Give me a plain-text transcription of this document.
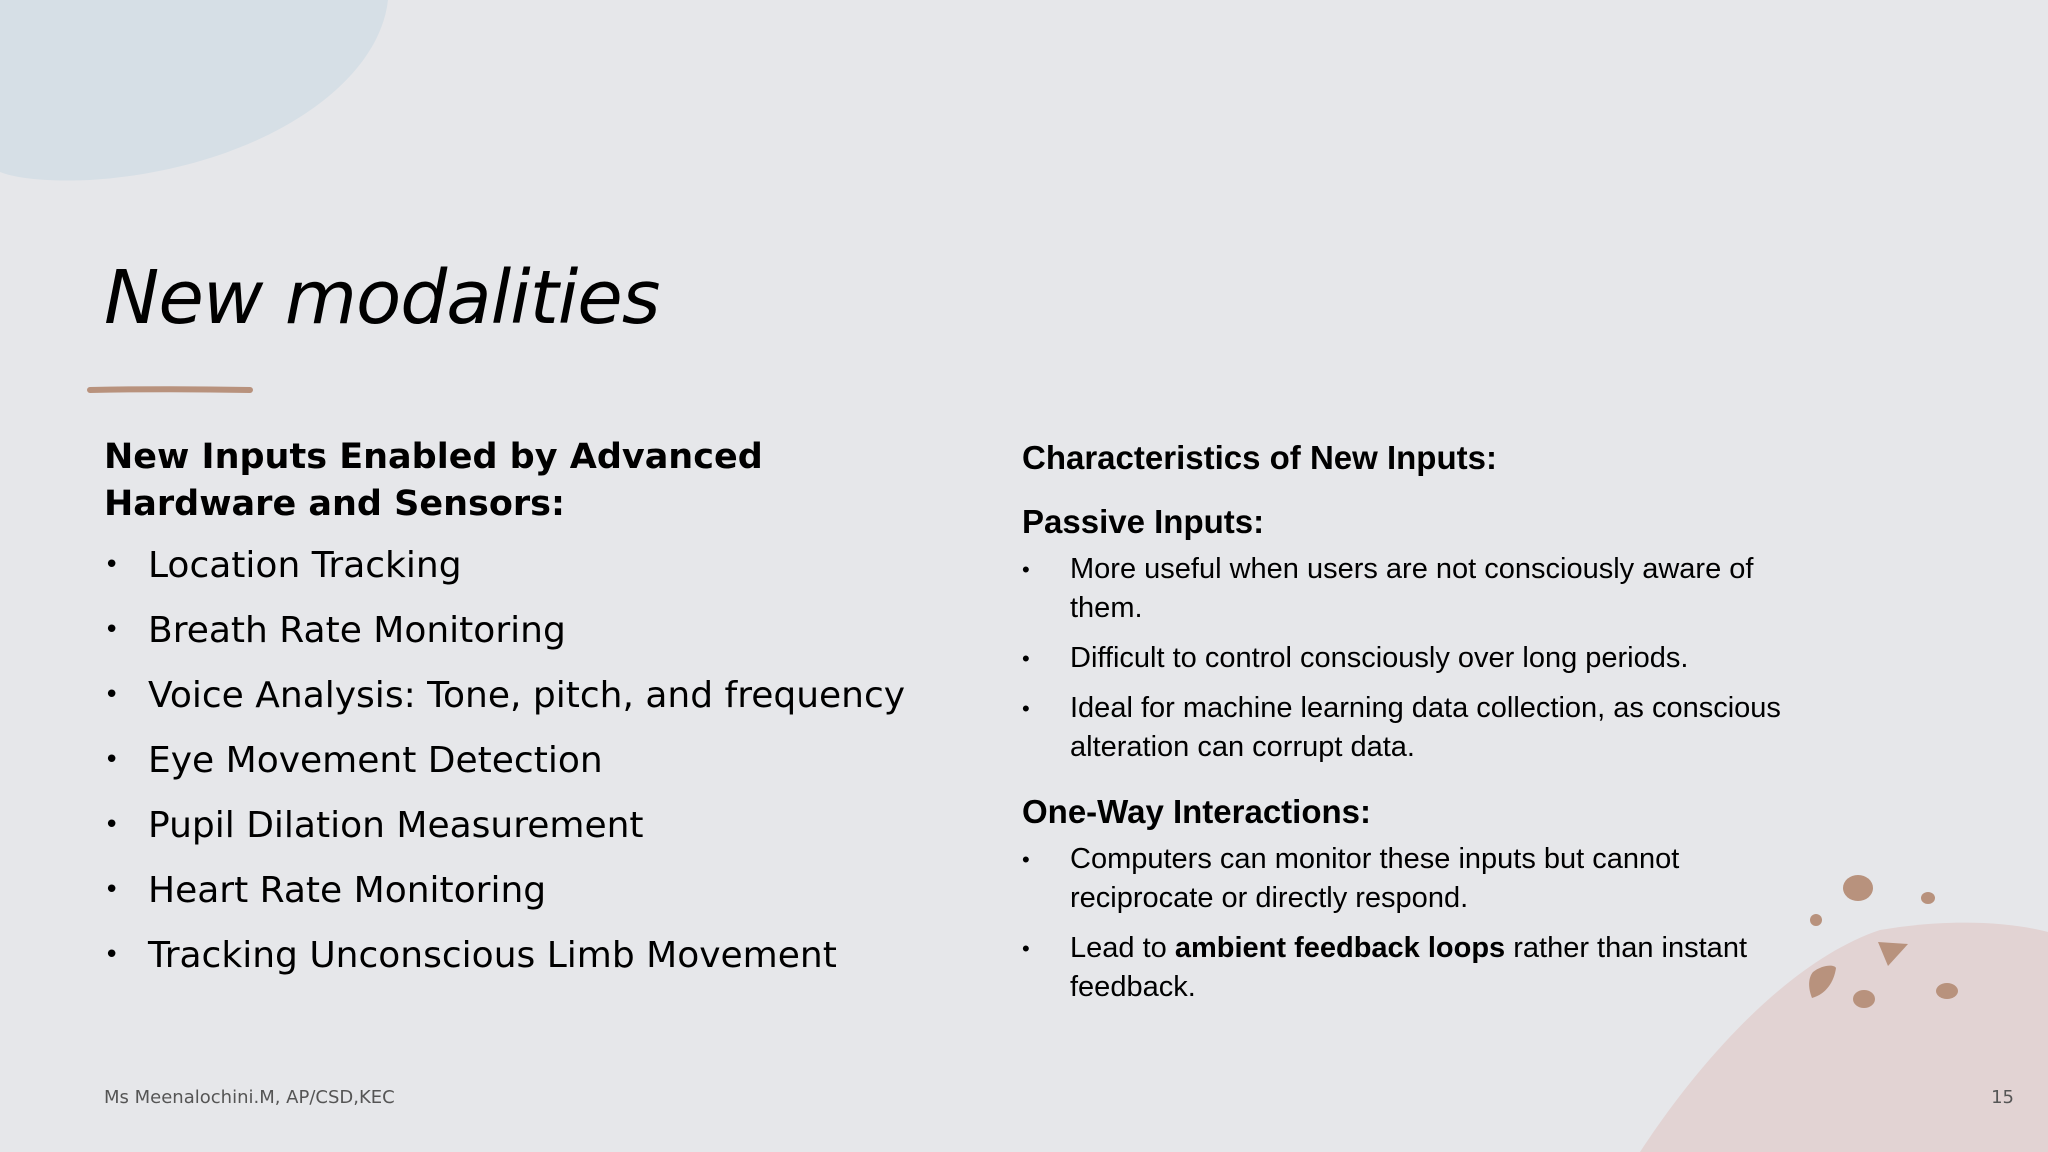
New modalities
New Inputs Enabled by Advanced Hardware and Sensors:
• Location Tracking
• Breath Rate Monitoring
• Voice Analysis: Tone, pitch, and frequency
• Eye Movement Detection
• Pupil Dilation Measurement
• Heart Rate Monitoring
• Tracking Unconscious Limb Movement
Characteristics of New Inputs:
Passive Inputs:
• More useful when users are not consciously aware of them.
• Difficult to control consciously over long periods.
• Ideal for machine learning data collection, as conscious alteration can corrupt data.
One-Way Interactions:
• Computers can monitor these inputs but cannot reciprocate or directly respond.
• Lead to ambient feedback loops rather than instant feedback.
Ms Meenalochini.M, AP/CSD,KEC	15
